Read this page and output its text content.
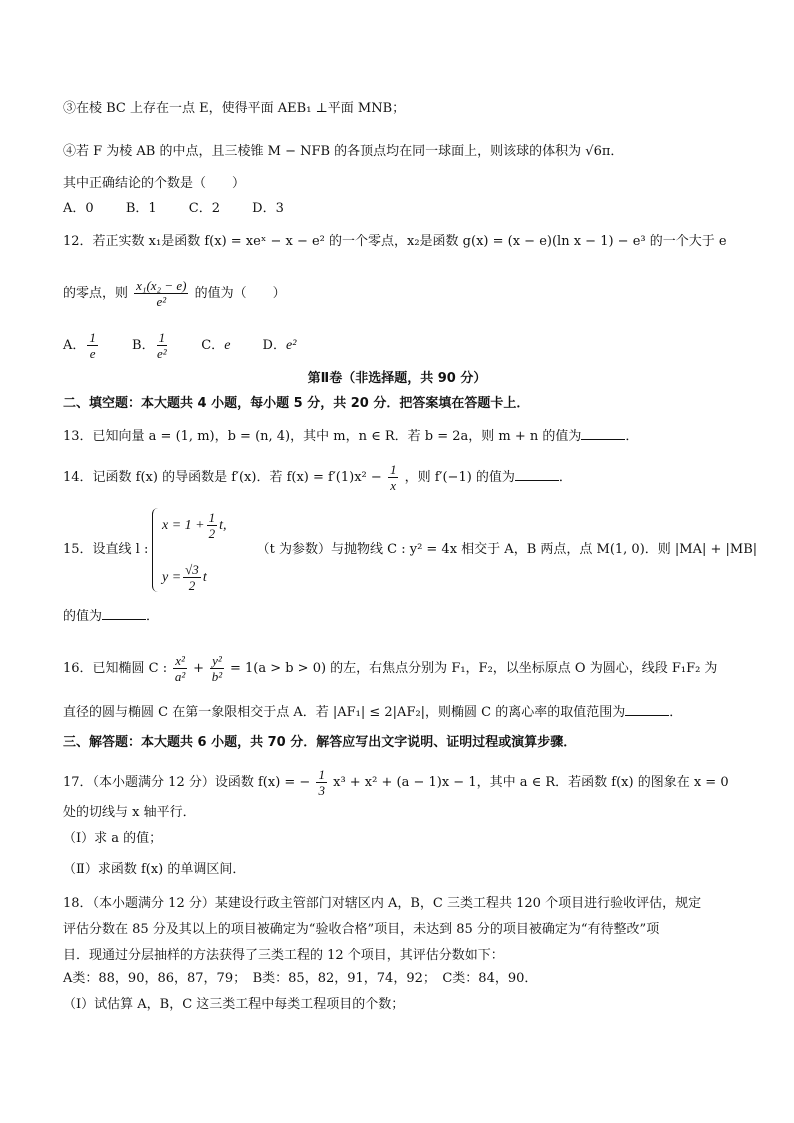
③在棱 BC 上存在一点 E，使得平面 AEB₁ ⊥平面 MNB；
④若 F 为棱 AB 的中点，且三棱锥 M − NFB 的各顶点均在同一球面上，则该球的体积为 √6π．
其中正确结论的个数是（　　）
A．0 B．1 C．2 D．3
12．若正实数 x₁是函数 f(x) = xeˣ − x − e² 的一个零点，x₂是函数 g(x) = (x − e)(ln x − 1) − e³ 的一个大于 e
的零点，则 $\frac{\text{x₁(x₂ − e)}}{\text{e²}}$ 的值为（　　）
A． $\frac{1}{e}$	B． $\frac{1}{\text{e²}}$	C．e D．e²
第Ⅱ卷（非选择题，共 90 分）
二、填空题：本大题共 4 小题，每小题 5 分，共 20 分．把答案填在答题卡上．
13．已知向量 a = (1, m)，b = (n, 4)，其中 m，n ∈ R．若 b = 2a，则 m + n 的值为	．
14．记函数 f(x) 的导函数是 f′(x)．若 $f(x) = f'(1)x^2 - \frac{1}{x}$ ，则 f′(−1) 的值为	．
15．设直线 l :	（t 为参数）与抛物线 C : y² = 4x 相交于 A，B 两点，点 M(1, 0)．则 |MA| + |MB|
$x = 1 + \frac{1}{2} t$,
$y = \frac{√3}{2}$ t
的值为	．
16．已知椭圆 C : $\frac{\text{x²}}{\text{a²}} + \frac{\text{y²}}{\text{b²}} = 1(a > b > 0)$ 的左，右焦点分别为 F₁，F₂，以坐标原点 O 为圆心，线段 F₁F₂ 为
直径的圆与椭圆 C 在第一象限相交于点 A．若 |AF₁| ≤ 2|AF₂|，则椭圆 C 的离心率的取值范围为	．
三、解答题：本大题共 6 小题，共 70 分．解答应写出文字说明、证明过程或演算步骤．
17．（本小题满分 12 分）设函数 f(x) = − $\frac{1}{3} x^3 + x^2 + (a - 1)x - 1$，其中 a ∈ R．若函数 f(x) 的图象在 x = 0
处的切线与 x 轴平行．
（Ⅰ）求 a 的值；
（Ⅱ）求函数 f(x) 的单调区间．
18．（本小题满分 12 分）某建设行政主管部门对辖区内 A，B，C 三类工程共 120 个项目进行验收评估，规定
评估分数在 85 分及其以上的项目被确定为“验收合格”项目，未达到 85 分的项目被确定为“有待整改”项
目．现通过分层抽样的方法获得了三类工程的 12 个项目，其评估分数如下：
A类：88，90，86，87，79；　B类：85，82，91，74，92；　C类：84，90．
（Ⅰ）试估算 A，B，C 这三类工程中每类工程项目的个数；
